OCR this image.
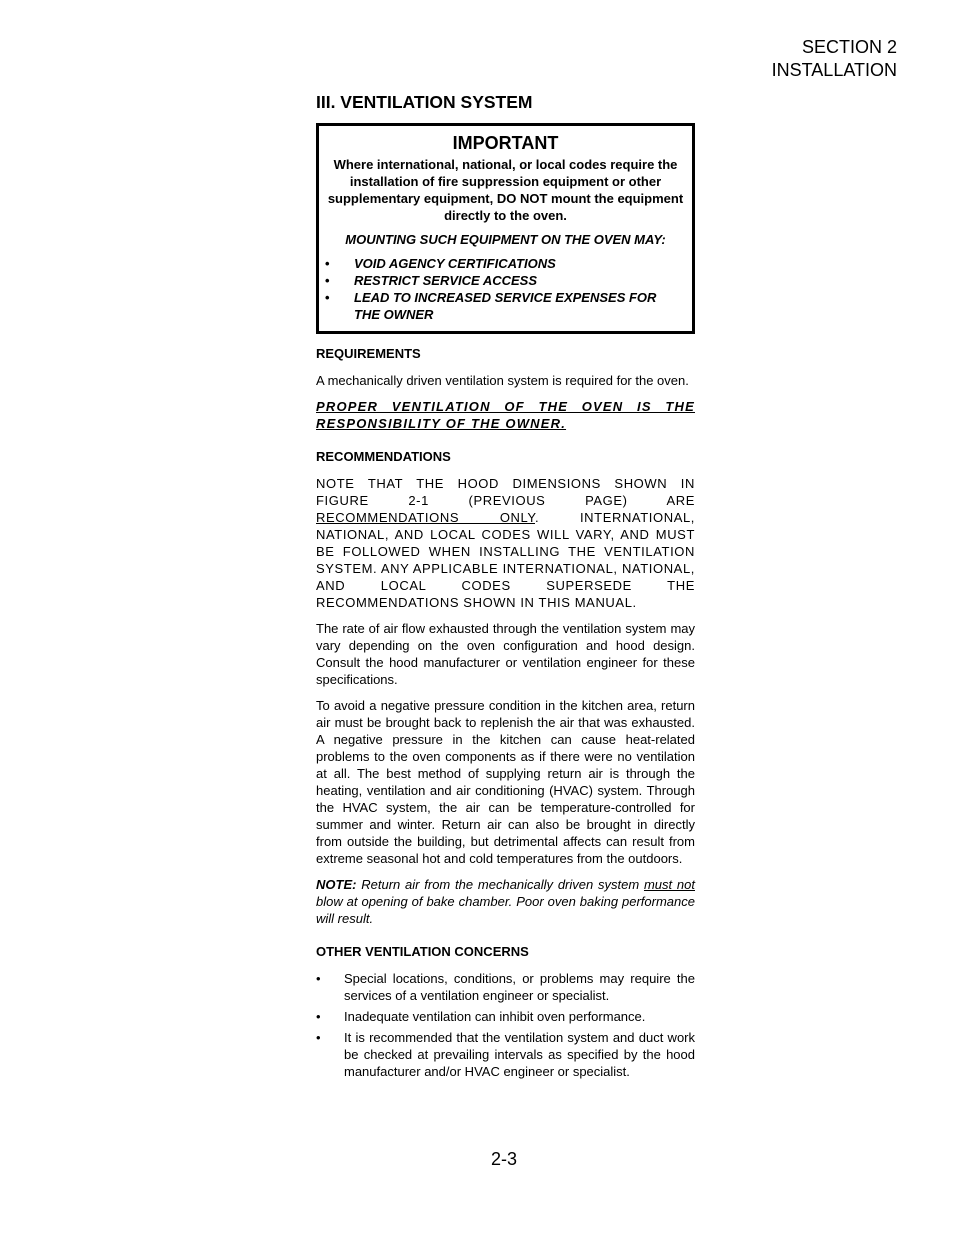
SECTION 2
INSTALLATION
III. VENTILATION SYSTEM
IMPORTANT
Where international, national, or local codes require the installation of fire suppression equipment or other supplementary equipment, DO NOT mount the equipment directly to the oven.
MOUNTING SUCH EQUIPMENT ON THE OVEN MAY:
• VOID AGENCY CERTIFICATIONS
• RESTRICT SERVICE ACCESS
• LEAD TO INCREASED SERVICE EXPENSES FOR THE OWNER
REQUIREMENTS

A mechanically driven ventilation system is required for the oven.

PROPER VENTILATION OF THE OVEN IS THE RESPONSIBILITY OF THE OWNER.

RECOMMENDATIONS

NOTE THAT THE HOOD DIMENSIONS SHOWN IN FIGURE 2-1 (PREVIOUS PAGE) ARE RECOMMENDATIONS ONLY. INTERNATIONAL, NATIONAL, AND LOCAL CODES WILL VARY, AND MUST BE FOLLOWED WHEN INSTALLING THE VENTILATION SYSTEM. ANY APPLICABLE INTERNATIONAL, NATIONAL, AND LOCAL CODES SUPERSEDE THE RECOMMENDATIONS SHOWN IN THIS MANUAL.

The rate of air flow exhausted through the ventilation system may vary depending on the oven configuration and hood design. Consult the hood manufacturer or ventilation engineer for these specifications.

To avoid a negative pressure condition in the kitchen area, return air must be brought back to replenish the air that was exhausted. A negative pressure in the kitchen can cause heat-related problems to the oven components as if there were no ventilation at all. The best method of supplying return air is through the heating, ventilation and air conditioning (HVAC) system. Through the HVAC system, the air can be temperature-controlled for summer and winter. Return air can also be brought in directly from outside the building, but detrimental affects can result from extreme seasonal hot and cold temperatures from the outdoors.

NOTE: Return air from the mechanically driven system must not blow at opening of bake chamber. Poor oven baking performance will result.

OTHER VENTILATION CONCERNS
• Special locations, conditions, or problems may require the services of a ventilation engineer or specialist.
• Inadequate ventilation can inhibit oven performance.
• It is recommended that the ventilation system and duct work be checked at prevailing intervals as specified by the hood manufacturer and/or HVAC engineer or specialist.
2-3
